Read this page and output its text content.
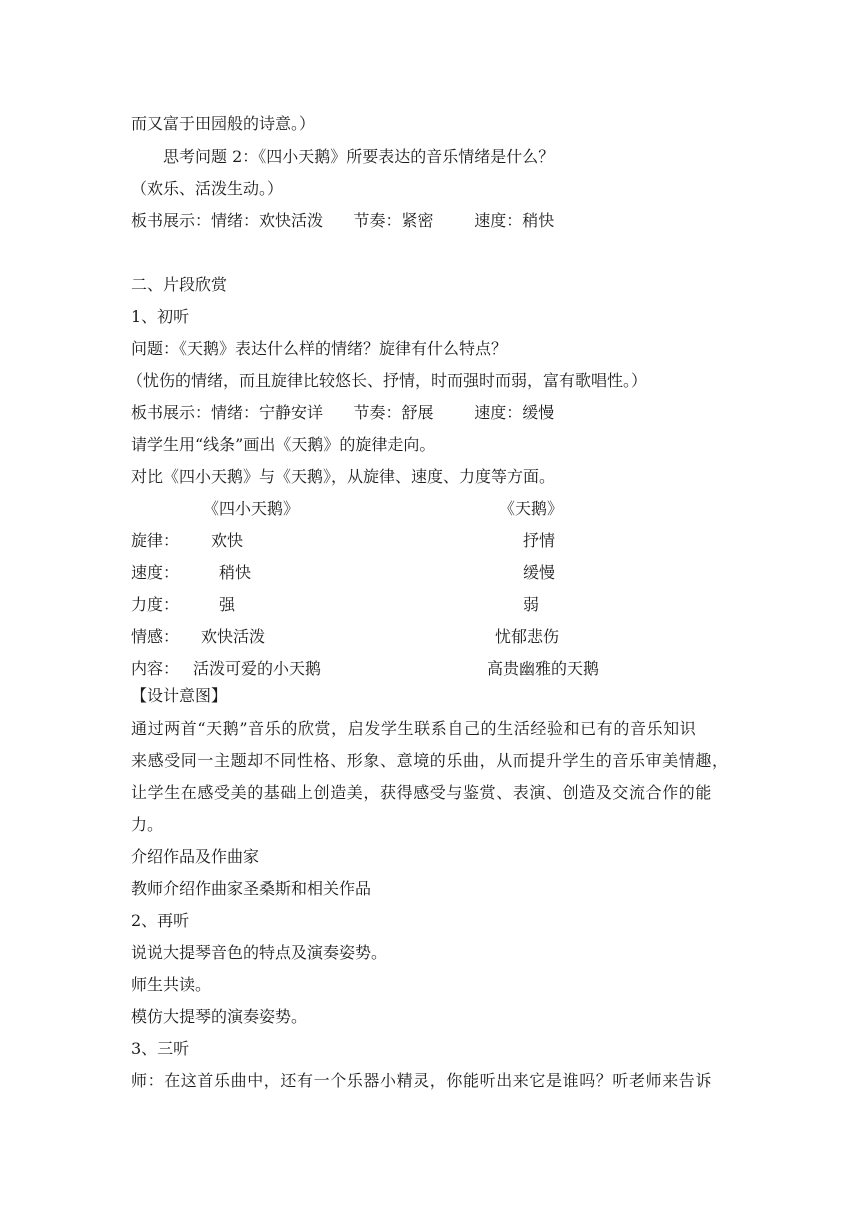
而又富于田园般的诗意。）
思考问题 2：《四小天鹅》所要表达的音乐情绪是什么？
（欢乐、活泼生动。）
板书展示：情绪：欢快活泼      节奏：紧密        速度：稍快
二、片段欣赏
1、初听
问题：《天鹅》表达什么样的情绪？旋律有什么特点？
（忧伤的情绪，而且旋律比较悠长、抒情，时而强时而弱，富有歌唱性。）
板书展示：情绪：宁静安详      节奏：舒展        速度：缓慢
请学生用“线条”画出《天鹅》的旋律走向。
对比《四小天鹅》与《天鹅》，从旋律、速度、力度等方面。
《四小天鹅》	《天鹅》
旋律： 欢快	抒情
速度： 稍快	缓慢
力度： 强	弱
情感： 欢快活泼	忧郁悲伤
内容： 活泼可爱的小天鹅	高贵幽雅的天鹅
【设计意图】
通过两首“天鹅”音乐的欣赏，启发学生联系自己的生活经验和已有的音乐知识
来感受同一主题却不同性格、形象、意境的乐曲，从而提升学生的音乐审美情趣，
让学生在感受美的基础上创造美，获得感受与鉴赏、表演、创造及交流合作的能
力。
介绍作品及作曲家
教师介绍作曲家圣桑斯和相关作品
2、再听
说说大提琴音色的特点及演奏姿势。
师生共读。
模仿大提琴的演奏姿势。
3、三听
师：在这首乐曲中，还有一个乐器小精灵，你能听出来它是谁吗？听老师来告诉
